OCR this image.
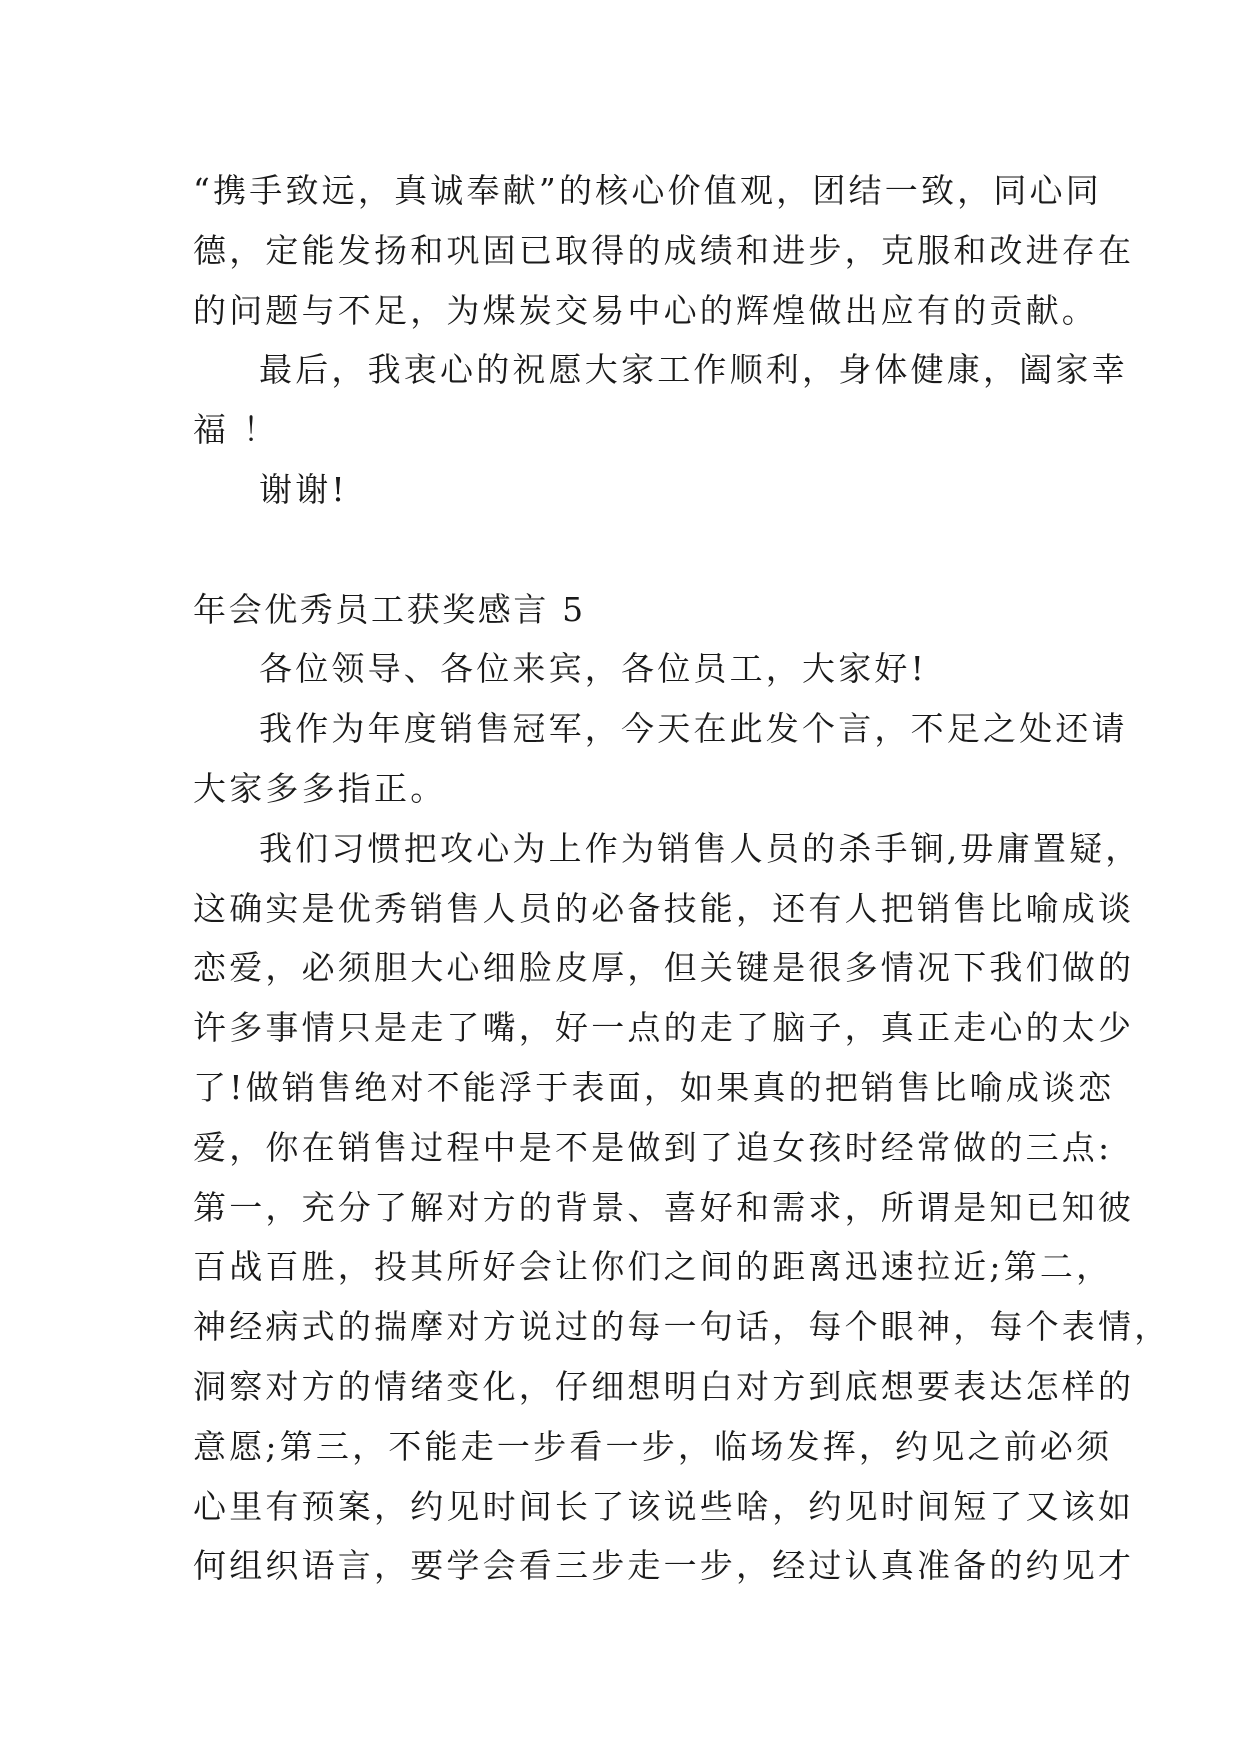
“携手致远，真诚奉献”的核心价值观，团结一致，同心同
德，定能发扬和巩固已取得的成绩和进步，克服和改进存在
的问题与不足，为煤炭交易中心的辉煌做出应有的贡献。
最后，我衷心的祝愿大家工作顺利，身体健康，阖家幸
福 ！
谢谢!
年会优秀员工获奖感言 5
各位领导、各位来宾，各位员工，大家好!
我作为年度销售冠军，今天在此发个言，不足之处还请
大家多多指正。
我们习惯把攻心为上作为销售人员的杀手锏,毋庸置疑，
这确实是优秀销售人员的必备技能，还有人把销售比喻成谈
恋爱，必须胆大心细脸皮厚，但关键是很多情况下我们做的
许多事情只是走了嘴，好一点的走了脑子，真正走心的太少
了!做销售绝对不能浮于表面，如果真的把销售比喻成谈恋
爱，你在销售过程中是不是做到了追女孩时经常做的三点:
第一，充分了解对方的背景、喜好和需求，所谓是知已知彼
百战百胜，投其所好会让你们之间的距离迅速拉近;第二，
神经病式的揣摩对方说过的每一句话，每个眼神，每个表情，
洞察对方的情绪变化，仔细想明白对方到底想要表达怎样的
意愿;第三，不能走一步看一步，临场发挥，约见之前必须
心里有预案，约见时间长了该说些啥，约见时间短了又该如
何组织语言，要学会看三步走一步，经过认真准备的约见才
